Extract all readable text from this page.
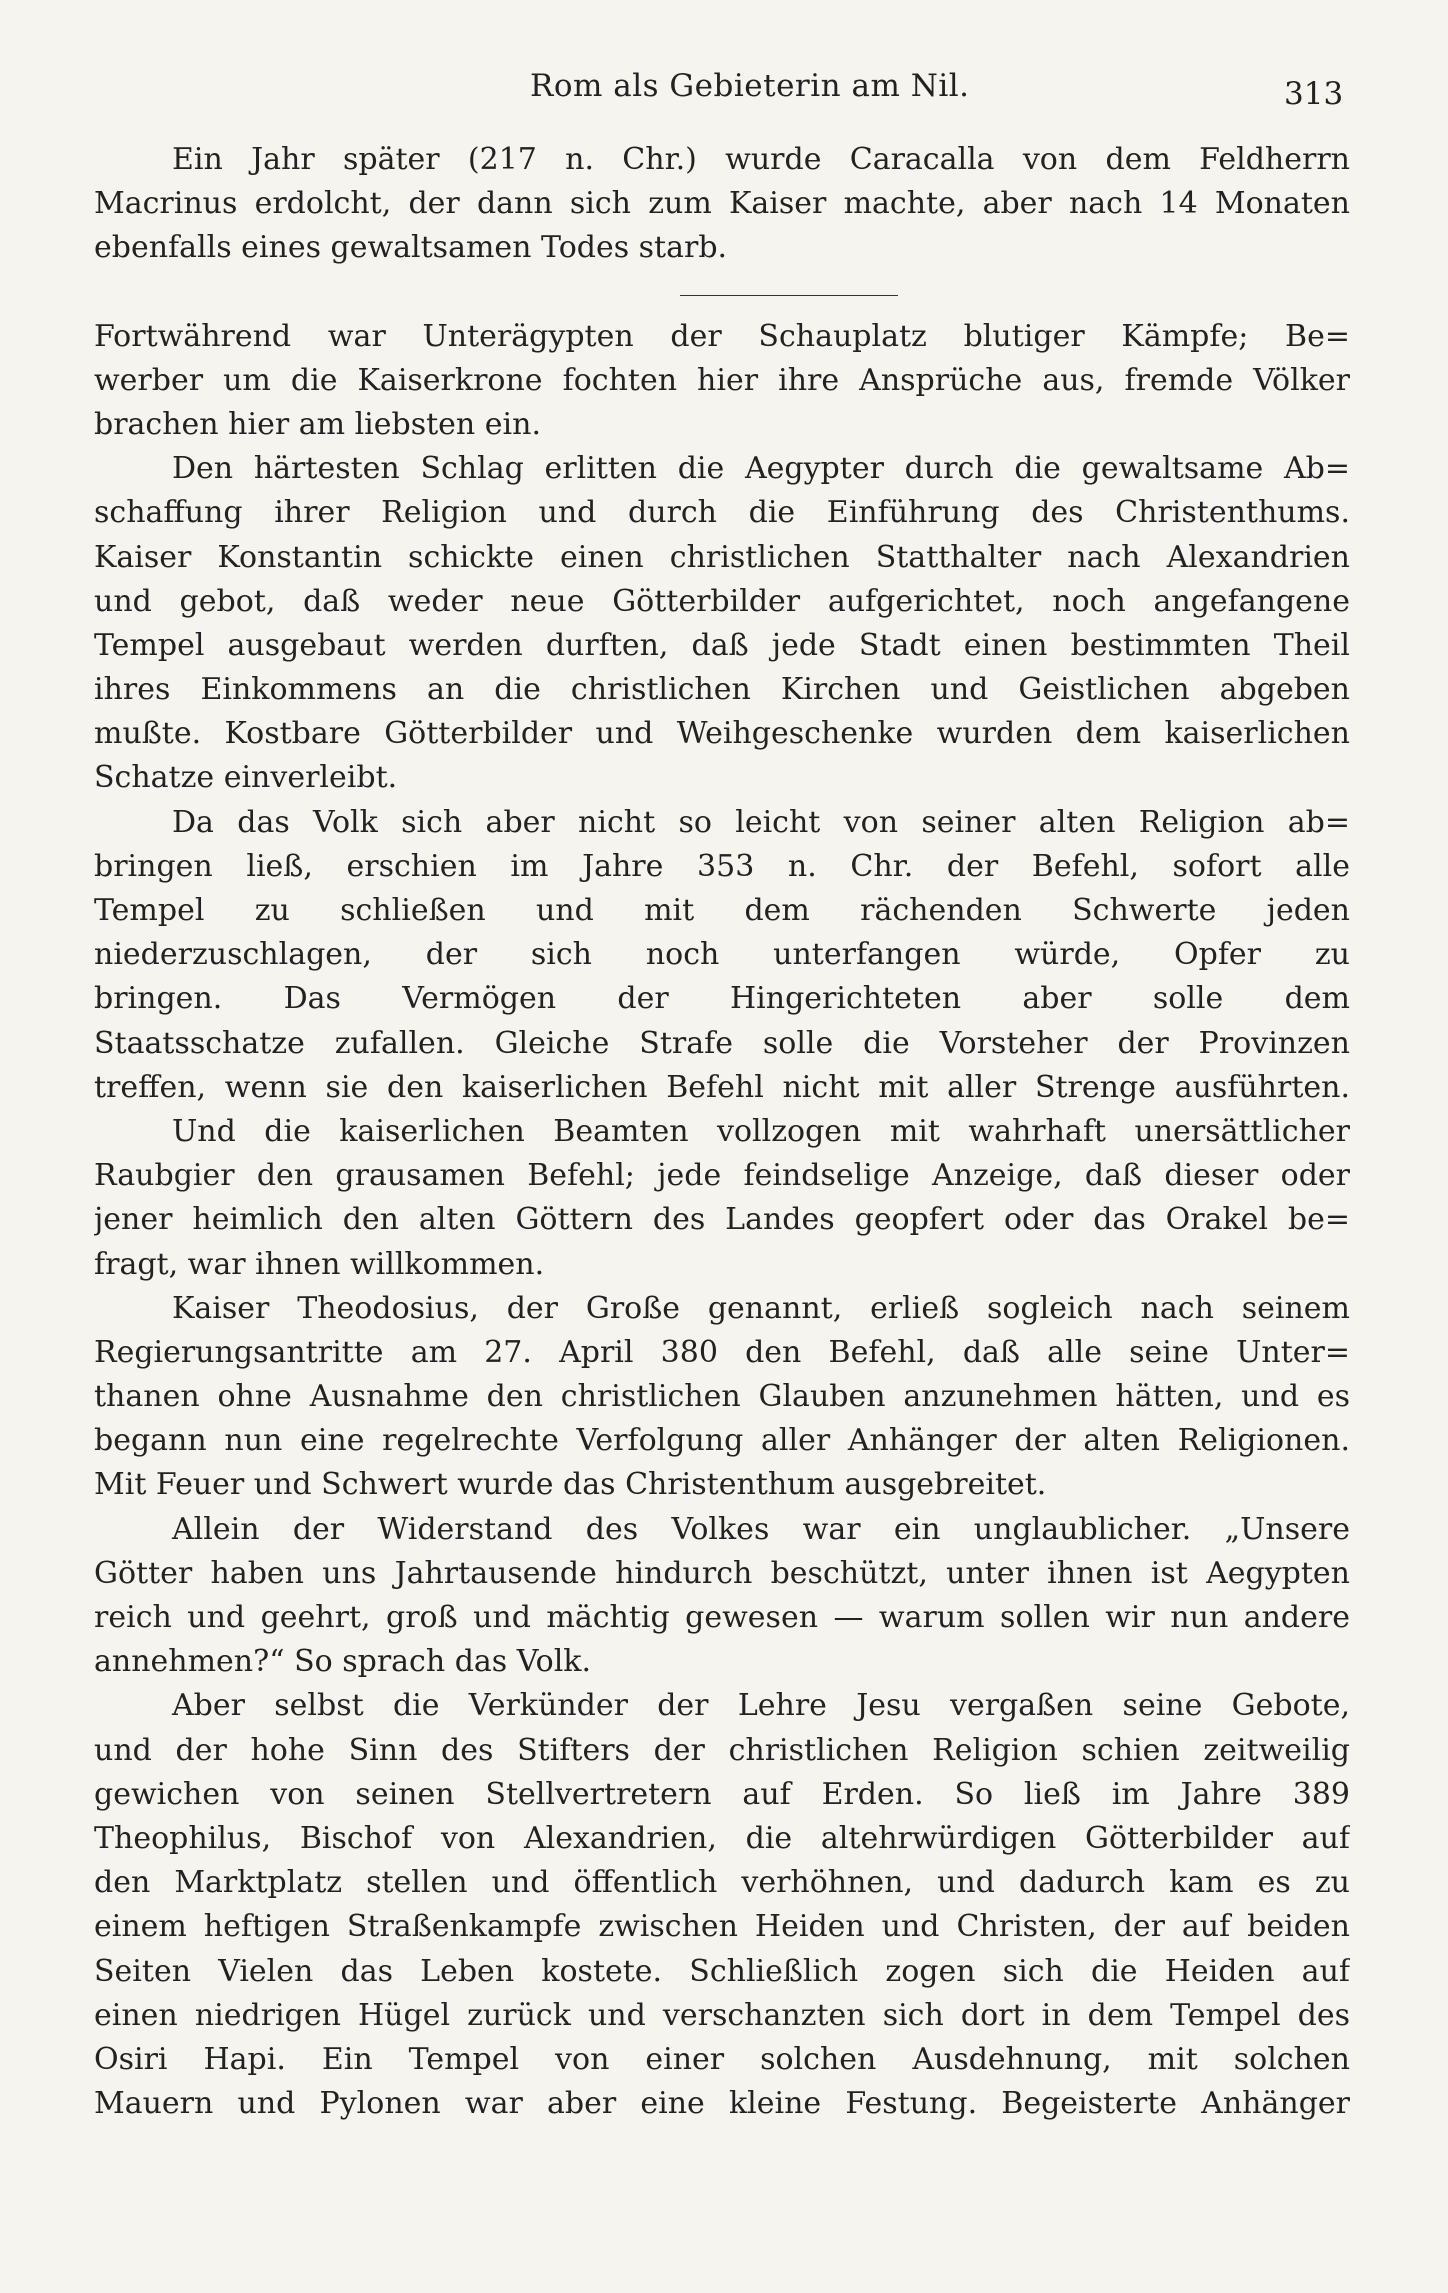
Rom als Gebieterin am Nil.	313
Ein Jahr später (217 n. Chr.) wurde Caracalla von dem Feldherrn
Macrinus erdolcht, der dann sich zum Kaiser machte, aber nach 14 Monaten
ebenfalls eines gewaltsamen Todes starb.
Fortwährend war Unterägypten der Schauplatz blutiger Kämpfe; Be=
werber um die Kaiserkrone fochten hier ihre Ansprüche aus, fremde Völker
brachen hier am liebsten ein.
Den härtesten Schlag erlitten die Aegypter durch die gewaltsame Ab=
schaffung ihrer Religion und durch die Einführung des Christenthums.
Kaiser Konstantin schickte einen christlichen Statthalter nach Alexandrien
und gebot, daß weder neue Götterbilder aufgerichtet, noch angefangene
Tempel ausgebaut werden durften, daß jede Stadt einen bestimmten Theil
ihres Einkommens an die christlichen Kirchen und Geistlichen abgeben
mußte. Kostbare Götterbilder und Weihgeschenke wurden dem kaiserlichen
Schatze einverleibt.
Da das Volk sich aber nicht so leicht von seiner alten Religion ab=
bringen ließ, erschien im Jahre 353 n. Chr. der Befehl, sofort alle
Tempel zu schließen und mit dem rächenden Schwerte jeden
niederzuschlagen, der sich noch unterfangen würde, Opfer zu
bringen. Das Vermögen der Hingerichteten aber solle dem
Staatsschatze zufallen. Gleiche Strafe solle die Vorsteher der Provinzen
treffen, wenn sie den kaiserlichen Befehl nicht mit aller Strenge ausführten.
Und die kaiserlichen Beamten vollzogen mit wahrhaft unersättlicher
Raubgier den grausamen Befehl; jede feindselige Anzeige, daß dieser oder
jener heimlich den alten Göttern des Landes geopfert oder das Orakel be=
fragt, war ihnen willkommen.
Kaiser Theodosius, der Große genannt, erließ sogleich nach seinem
Regierungsantritte am 27. April 380 den Befehl, daß alle seine Unter=
thanen ohne Ausnahme den christlichen Glauben anzunehmen hätten, und es
begann nun eine regelrechte Verfolgung aller Anhänger der alten Religionen.
Mit Feuer und Schwert wurde das Christenthum ausgebreitet.
Allein der Widerstand des Volkes war ein unglaublicher. „Unsere
Götter haben uns Jahrtausende hindurch beschützt, unter ihnen ist Aegypten
reich und geehrt, groß und mächtig gewesen — warum sollen wir nun andere
annehmen?“ So sprach das Volk.
Aber selbst die Verkünder der Lehre Jesu vergaßen seine Gebote,
und der hohe Sinn des Stifters der christlichen Religion schien zeitweilig
gewichen von seinen Stellvertretern auf Erden. So ließ im Jahre 389
Theophilus, Bischof von Alexandrien, die altehrwürdigen Götterbilder auf
den Marktplatz stellen und öffentlich verhöhnen, und dadurch kam es zu
einem heftigen Straßenkampfe zwischen Heiden und Christen, der auf beiden
Seiten Vielen das Leben kostete. Schließlich zogen sich die Heiden auf
einen niedrigen Hügel zurück und verschanzten sich dort in dem Tempel des
Osiri Hapi. Ein Tempel von einer solchen Ausdehnung, mit solchen
Mauern und Pylonen war aber eine kleine Festung. Begeisterte Anhänger
